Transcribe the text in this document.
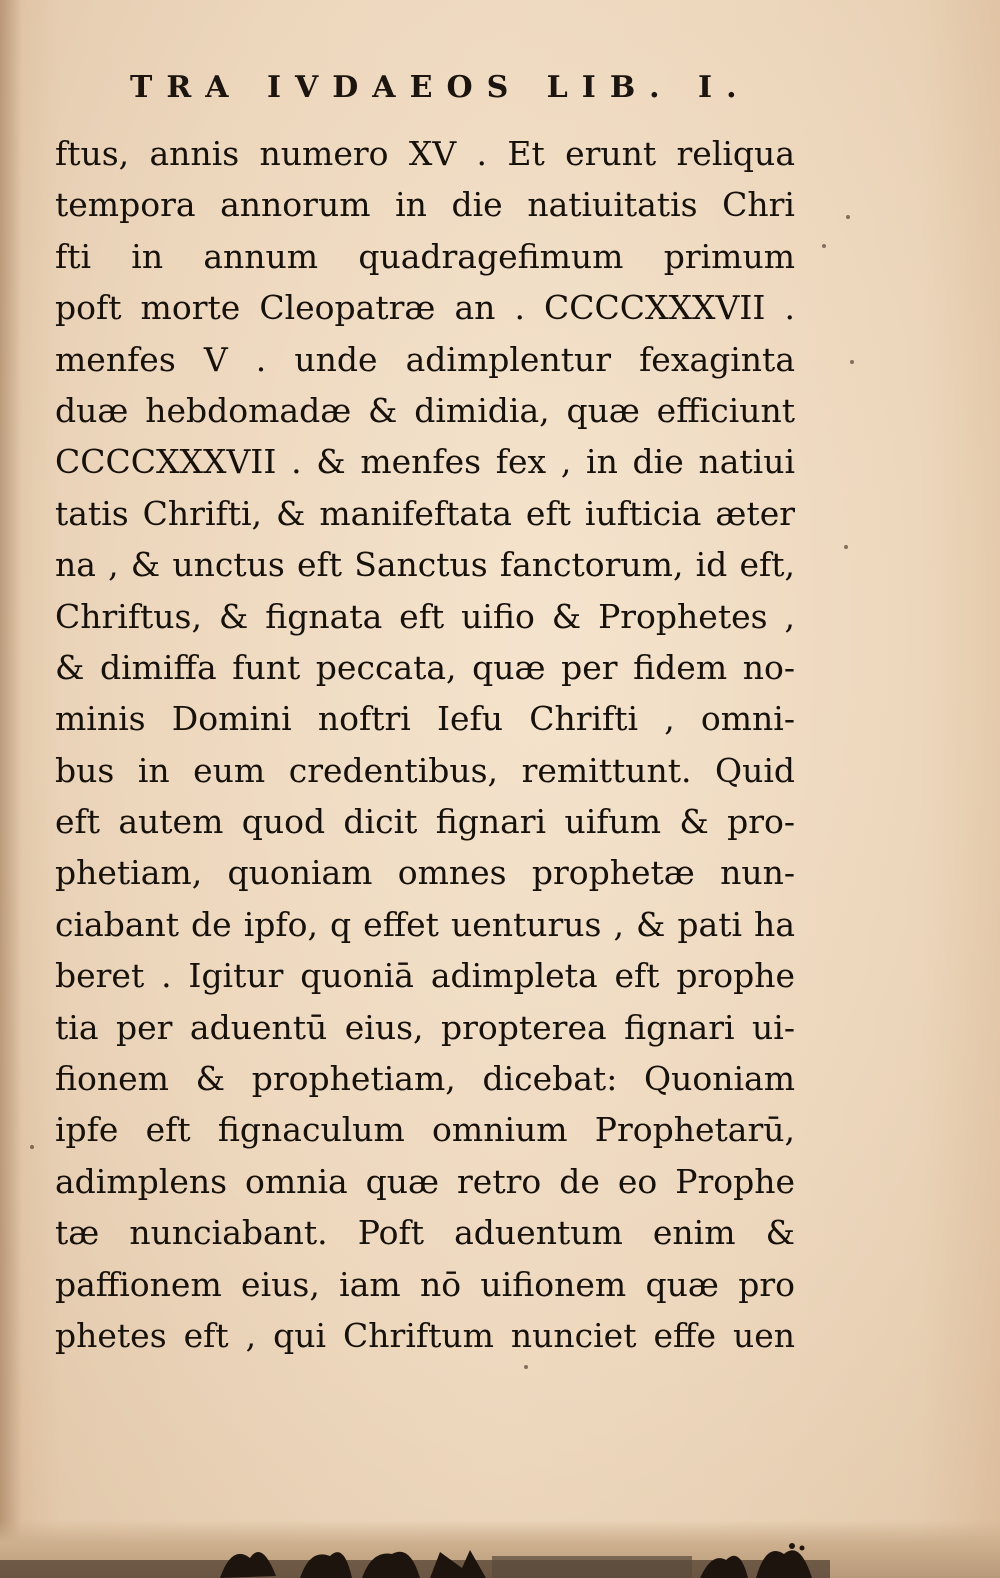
TRA IVDAEOS LIB. I.
ftus, annis numero XV . Et erunt reliqua
tempora annorum in die natiuitatis Chri
fti in annum quadragefimum primum
poft morte Cleopatræ an . CCCCXXXVII .
menfes V . unde adimplentur fexaginta
duæ hebdomadæ & dimidia, quæ efficiunt
CCCCXXXVII . & menfes fex , in die natiui
tatis Chrifti, & manifeftata eft iufticia æter
na , & unctus eft Sanctus fanctorum, id eft,
Chriftus, & fignata eft uifio & Prophetes ,
& dimiffa funt peccata, quæ per fidem no-
minis Domini noftri Iefu Chrifti , omni-
bus in eum credentibus, remittunt. Quid
eft autem quod dicit fignari uifum & pro-
phetiam, quoniam omnes prophetæ nun-
ciabant de ipfo, q effet uenturus , & pati ha
beret . Igitur quoniā adimpleta eft prophe
tia per aduentū eius, propterea fignari ui-
fionem & prophetiam, dicebat: Quoniam
ipfe eft fignaculum omnium Prophetarū,
adimplens omnia quæ retro de eo Prophe
tæ nunciabant. Poft aduentum enim &
paffionem eius, iam nō uifionem quæ pro
phetes eft , qui Chriftum nunciet effe uen
